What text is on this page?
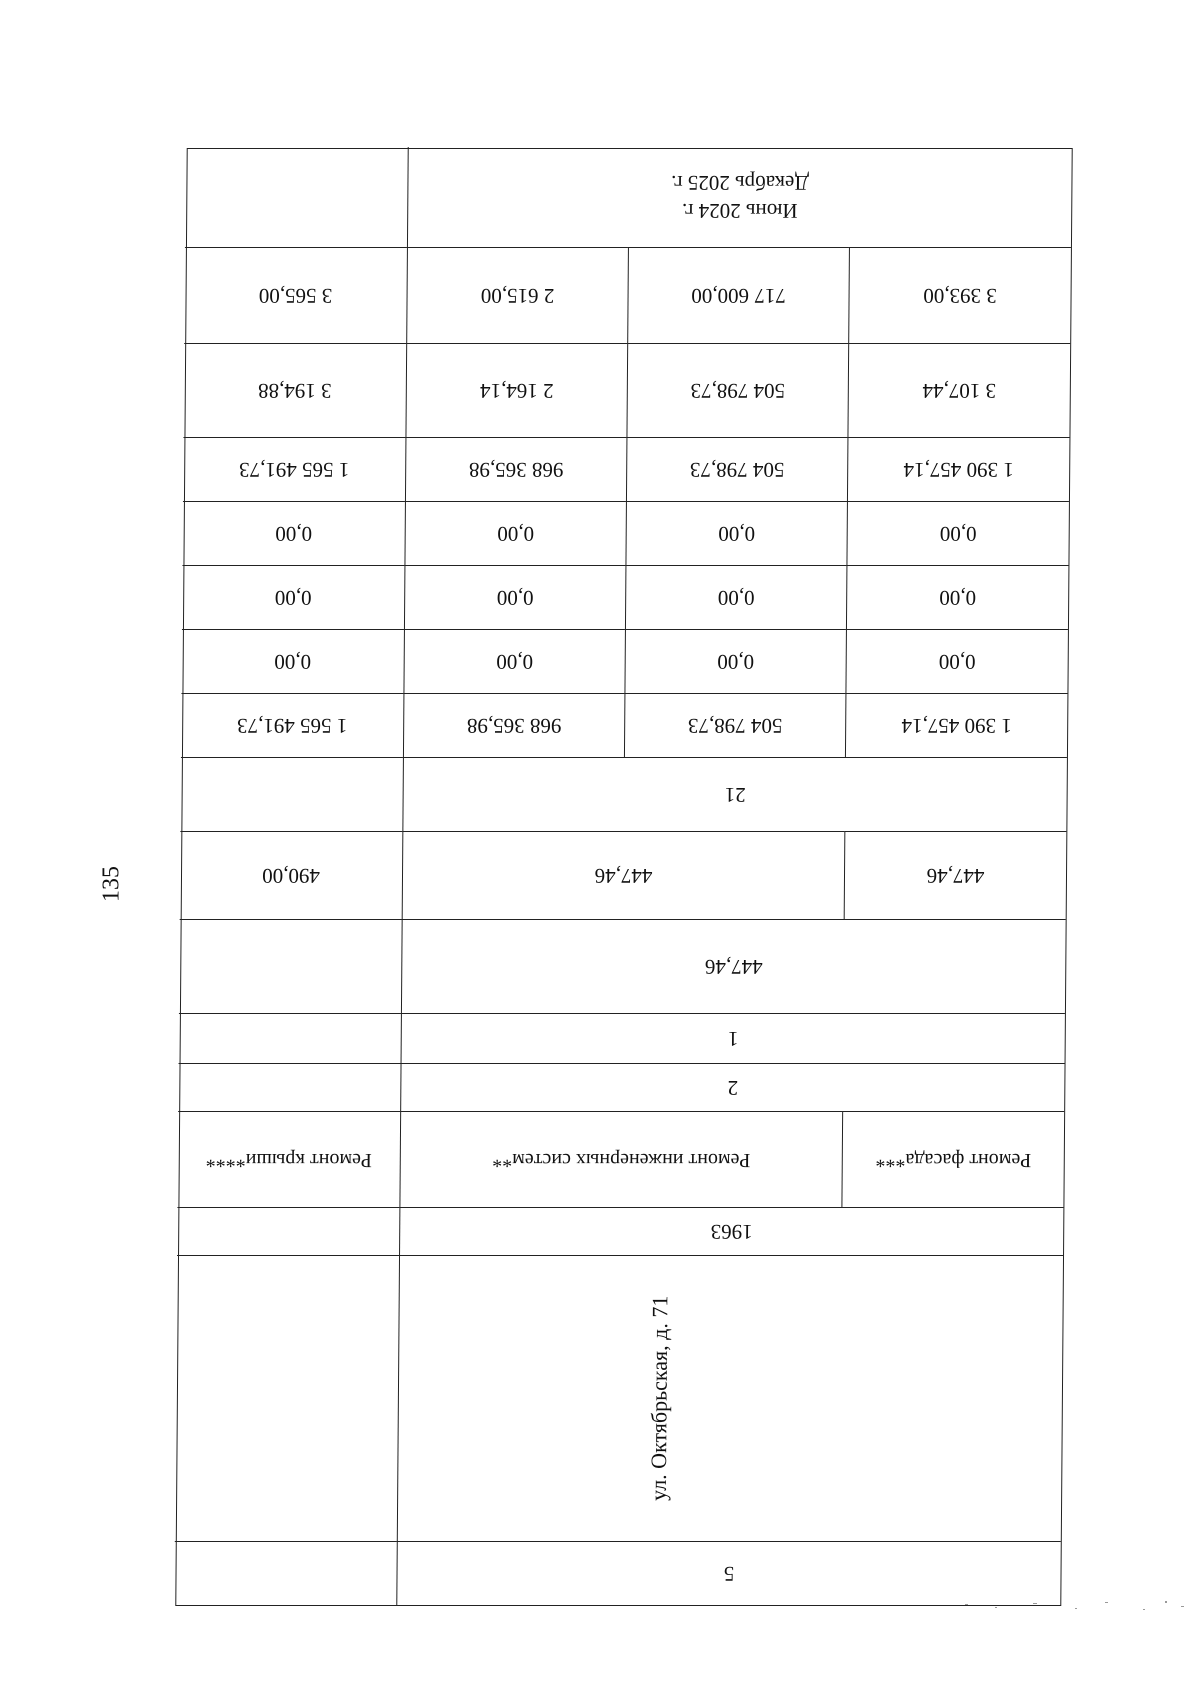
135
5
ул. Октябрьская, д. 71
1963
Ремонт фасада***
Ремонт инженерных систем**
Ремонт крыши****
2
1
447,46
447,46
447,46
490,00
21
1 390 457,14
504 798,73
968 365,98
1 565 491,73
0,00
0,00
0,00
0,00
0,00
0,00
0,00
0,00
0,00
0,00
0,00
0,00
1 390 457,14
504 798,73
968 365,98
1 565 491,73
3 107,44
504 798,73
2 164,14
3 194,88
3 393,00
717 600,00
2 615,00
3 565,00
Июнь 2024 г.
Декабрь 2025 г.
